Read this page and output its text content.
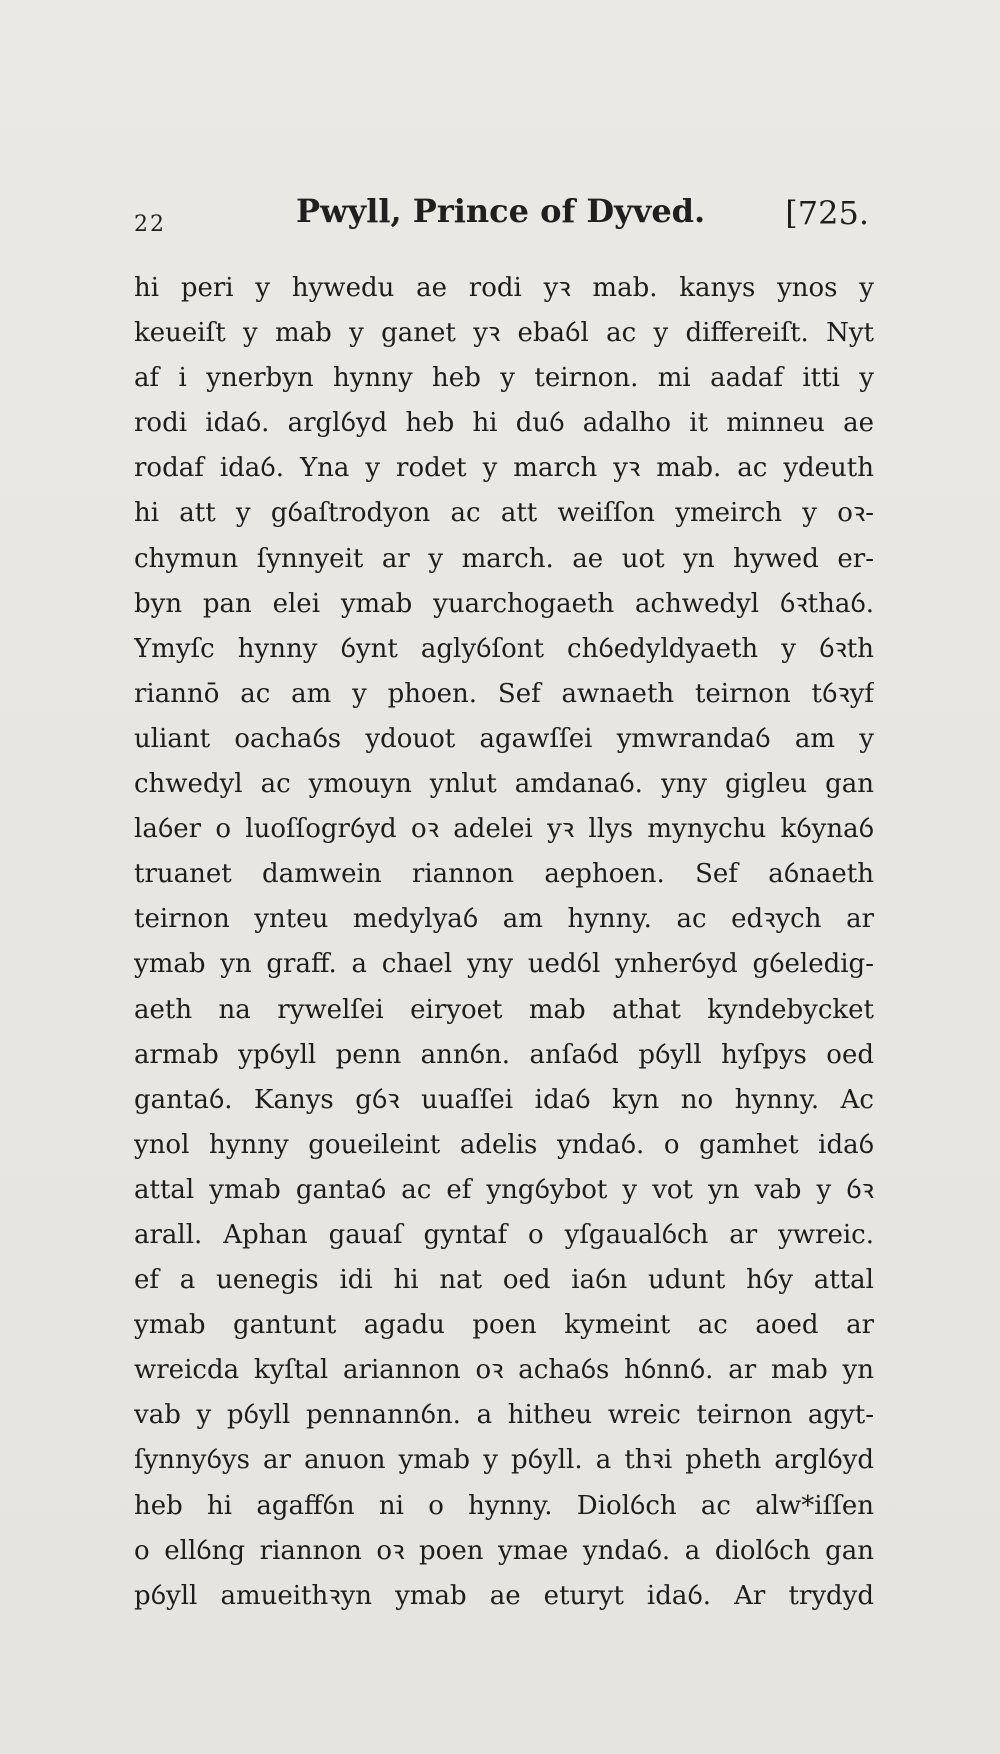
22	Pwyll, Prince of Dyved.	[725.
hi peri y hywedu ae rodi yꝛ mab. kanys ynos y
keueiſt y mab y ganet yꝛ ebaỽl ac y differeiſt. Nyt
af i ynerbyn hynny heb y teirnon. mi aadaf itti y
rodi idaỽ. arglỽyd heb hi duỽ adalho it minneu ae
rodaf idaỽ. Yna y rodet y march yꝛ mab. ac ydeuth
hi att y gỽaſtrodyon ac att weiſſon ymeirch y oꝛ-
chymun ſynnyeit ar y march. ae uot yn hywed er-
byn pan elei ymab yuarchogaeth achwedyl ỽꝛthaỽ.
Ymyſc hynny ỽynt aglyỽſont chỽedyldyaeth y ỽꝛth
riannō ac am y phoen. Sef awnaeth teirnon tỽꝛyf
uliant oachaỽs ydouot agawſſei ymwrandaỽ am y
chwedyl ac ymouyn ynlut amdanaỽ. yny gigleu gan
laỽer o luoſſogrỽyd oꝛ adelei yꝛ llys mynychu kỽynaỽ
truanet damwein riannon aephoen. Sef aỽnaeth
teirnon ynteu medylyaỽ am hynny. ac edꝛych ar
ymab yn graff. a chael yny uedỽl ynherỽyd gỽeledig-
aeth na rywelſei eiryoet mab athat kyndebycket
armab ypỽyll penn annỽn. anſaỽd pỽyll hyſpys oed
gantaỽ. Kanys gỽꝛ uuaſſei idaỽ kyn no hynny. Ac
ynol hynny goueileint adelis yndaỽ. o gamhet idaỽ
attal ymab gantaỽ ac ef yngỽybot y vot yn vab y ỽꝛ
arall. Aphan gauaſ gyntaf o yſgaualỽch ar ywreic.
ef a uenegis idi hi nat oed iaỽn udunt hỽy attal
ymab gantunt agadu poen kymeint ac aoed ar
wreicda kyſtal ariannon oꝛ achaỽs hỽnnỽ. ar mab yn
vab y pỽyll pennannỽn. a hitheu wreic teirnon agyt-
ſynnyỽys ar anuon ymab y pỽyll. a thꝛi pheth arglỽyd
heb hi agaffỽn ni o hynny. Diolỽch ac alw*iſſen
o ellỽng riannon oꝛ poen ymae yndaỽ. a diolỽch gan
pỽyll amueithꝛyn ymab ae eturyt idaỽ. Ar trydyd
